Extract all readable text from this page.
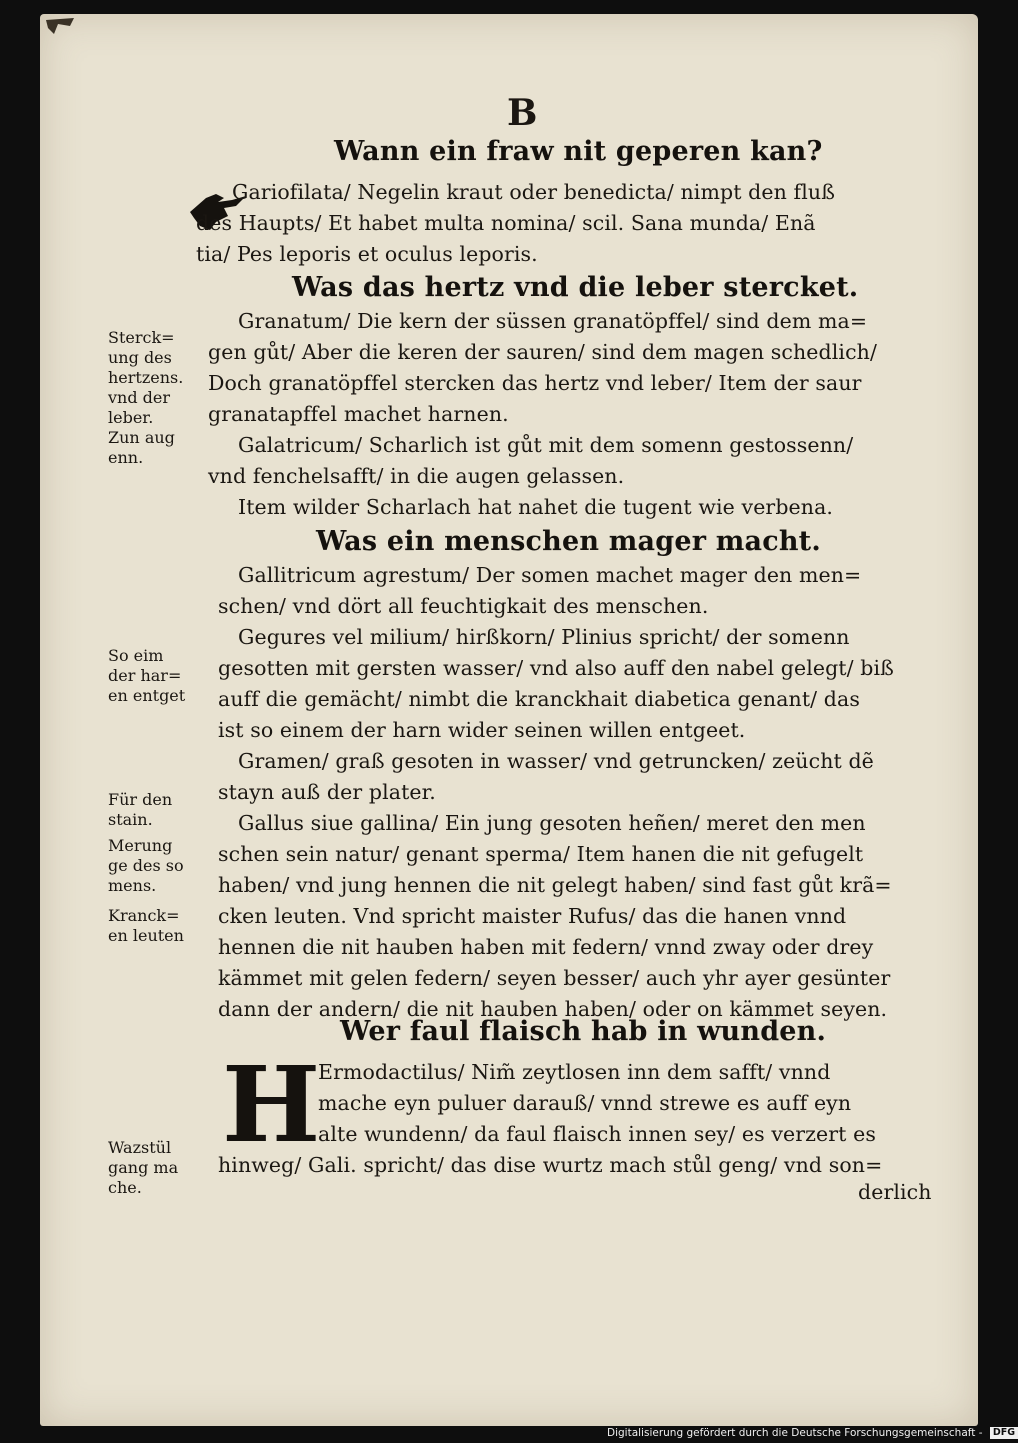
B
Wann ein fraw nit geperen kan?
Gariofilata/ Negelin kraut oder benedicta/ nimpt den fluß
des Haupts/ Et habet multa nomina/ scil. Sana munda/ Enã
tia/ Pes leporis et oculus leporis.
Was das hertz vnd die leber stercket.
Granatum/ Die kern der süssen granatöpffel/ sind dem ma=
gen gůt/ Aber die keren der sauren/ sind dem magen schedlich/
Doch granatöpffel stercken das hertz vnd leber/ Item der saur
granatapffel machet harnen.
Galatricum/ Scharlich ist gůt mit dem somenn gestossenn/
vnd fenchelsafft/ in die augen gelassen.
Item wilder Scharlach hat nahet die tugent wie verbena.
Was ein menschen mager macht.
Gallitricum agrestum/ Der somen machet mager den men=
schen/ vnd dört all feuchtigkait des menschen.
Gegures vel milium/ hirßkorn/ Plinius spricht/ der somenn
gesotten mit gersten wasser/ vnd also auff den nabel gelegt/ biß
auff die gemächt/ nimbt die kranckhait diabetica genant/ das
ist so einem der harn wider seinen willen entgeet.
Gramen/ graß gesoten in wasser/ vnd getruncken/ zeücht dẽ
stayn auß der plater.
Gallus siue gallina/ Ein jung gesoten heñen/ meret den men
schen sein natur/ genant sperma/ Item hanen die nit gefugelt
haben/ vnd jung hennen die nit gelegt haben/ sind fast gůt krã=
cken leuten. Vnd spricht maister Rufus/ das die hanen vnnd
hennen die nit hauben haben mit federn/ vnnd zway oder drey
kämmet mit gelen federn/ seyen besser/ auch yhr ayer gesünter
dann der andern/ die nit hauben haben/ oder on kämmet seyen.
Wer faul flaisch hab in wunden.
H
Ermodactilus/ Nim̃ zeytlosen inn dem safft/ vnnd
mache eyn puluer darauß/ vnnd strewe es auff eyn
alte wundenn/ da faul flaisch innen sey/ es verzert es
hinweg/ Gali. spricht/ das dise wurtz mach stůl geng/ vnd son=
derlich
Sterck=
ung des
hertzens.
vnd der
leber.
Zun aug
enn.
So eim
der har=
en entget
Für den
stain.
Merung
ge des so
mens.
Kranck=
en leuten
Wazstül
gang ma
che.
Digitalisierung gefördert durch die Deutsche Forschungsgemeinschaft - DFG
